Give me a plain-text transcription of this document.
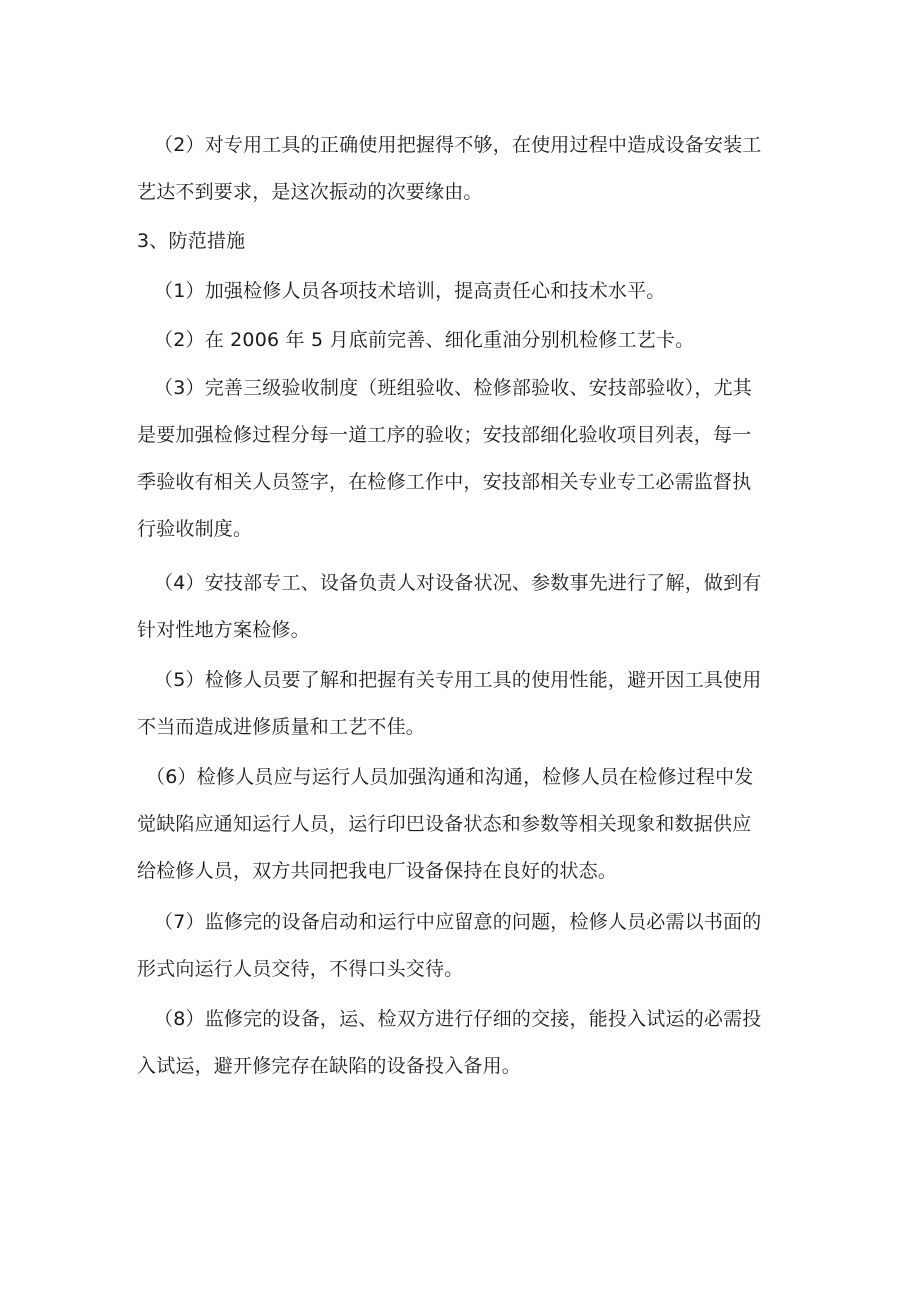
（2）对专用工具的正确使用把握得不够，在使用过程中造成设备安装工
艺达不到要求，是这次振动的次要缘由。

3、防范措施

（1）加强检修人员各项技术培训，提高责任心和技术水平。

（2）在 2006 年 5 月底前完善、细化重油分别机检修工艺卡。

（3）完善三级验收制度（班组验收、检修部验收、安技部验收），尤其
是要加强检修过程分每一道工序的验收；安技部细化验收项目列表，每一
季验收有相关人员签字，在检修工作中，安技部相关专业专工必需监督执
行验收制度。

（4）安技部专工、设备负责人对设备状况、参数事先进行了解，做到有
针对性地方案检修。

（5）检修人员要了解和把握有关专用工具的使用性能，避开因工具使用
不当而造成进修质量和工艺不佳。

（6）检修人员应与运行人员加强沟通和沟通，检修人员在检修过程中发
觉缺陷应通知运行人员，运行印巴设备状态和参数等相关现象和数据供应
给检修人员，双方共同把我电厂设备保持在良好的状态。

（7）监修完的设备启动和运行中应留意的问题，检修人员必需以书面的
形式向运行人员交待，不得口头交待。

（8）监修完的设备，运、检双方进行仔细的交接，能投入试运的必需投
入试运，避开修完存在缺陷的设备投入备用。
